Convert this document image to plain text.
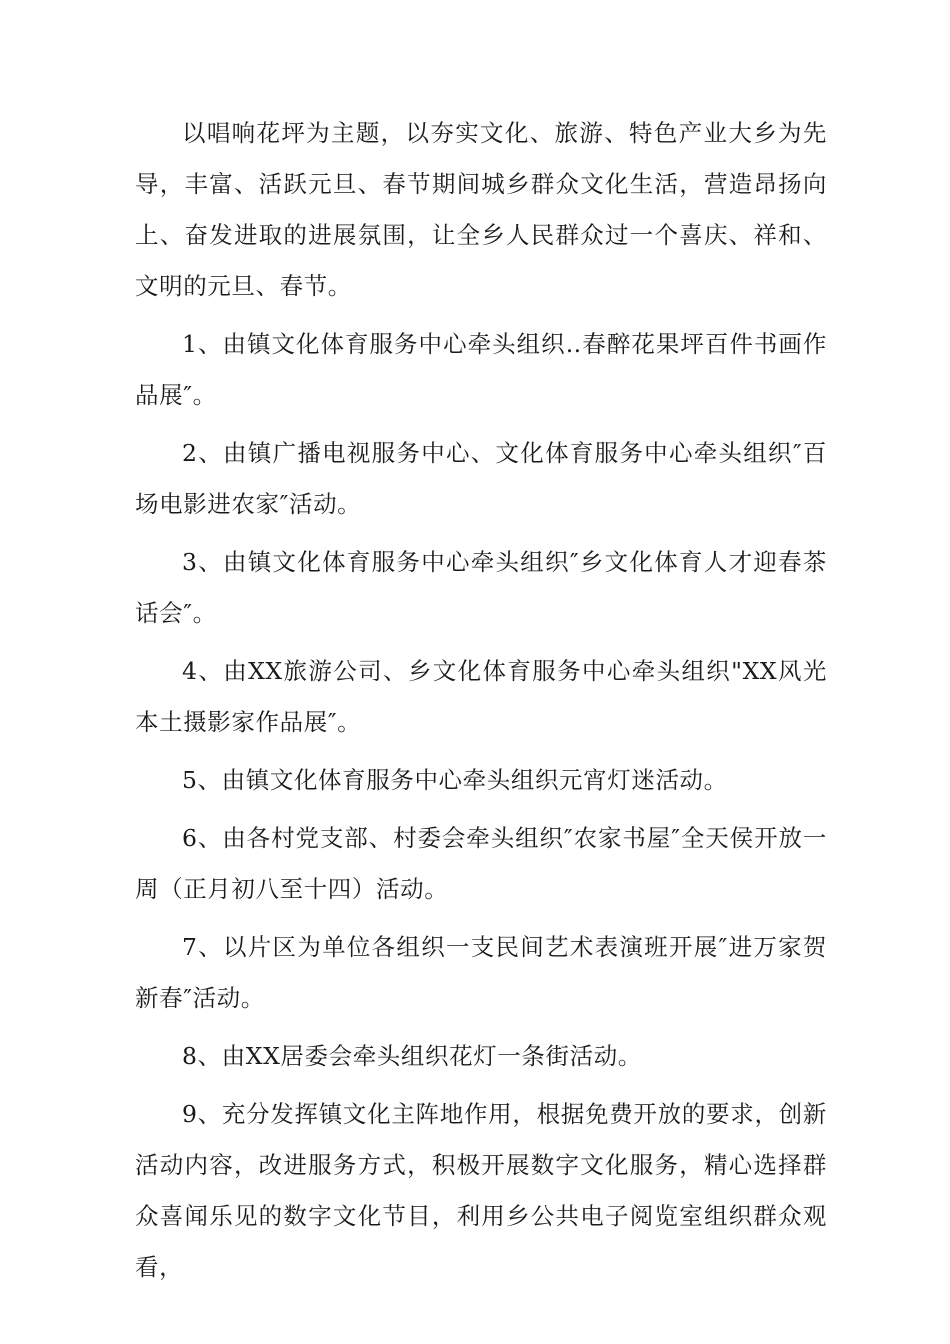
以唱响花坪为主题，以夯实文化、旅游、特色产业大乡为先导，丰富、活跃元旦、春节期间城乡群众文化生活，营造昂扬向上、奋发进取的进展氛围，让全乡人民群众过一个喜庆、祥和、文明的元旦、春节。

1、由镇文化体育服务中心牵头组织‥春醉花果坪百件书画作品展″。

2、由镇广播电视服务中心、文化体育服务中心牵头组织″百场电影进农家″活动。

3、由镇文化体育服务中心牵头组织″乡文化体育人才迎春茶话会″。

4、由XX旅游公司、乡文化体育服务中心牵头组织"XX风光本土摄影家作品展″。

5、由镇文化体育服务中心牵头组织元宵灯迷活动。

6、由各村党支部、村委会牵头组织″农家书屋″全天侯开放一周（正月初八至十四）活动。

7、以片区为单位各组织一支民间艺术表演班开展″进万家贺新春″活动。

8、由XX居委会牵头组织花灯一条街活动。

9、充分发挥镇文化主阵地作用，根据免费开放的要求，创新活动内容，改进服务方式，积极开展数字文化服务，精心选择群众喜闻乐见的数字文化节目，利用乡公共电子阅览室组织群众观看，
